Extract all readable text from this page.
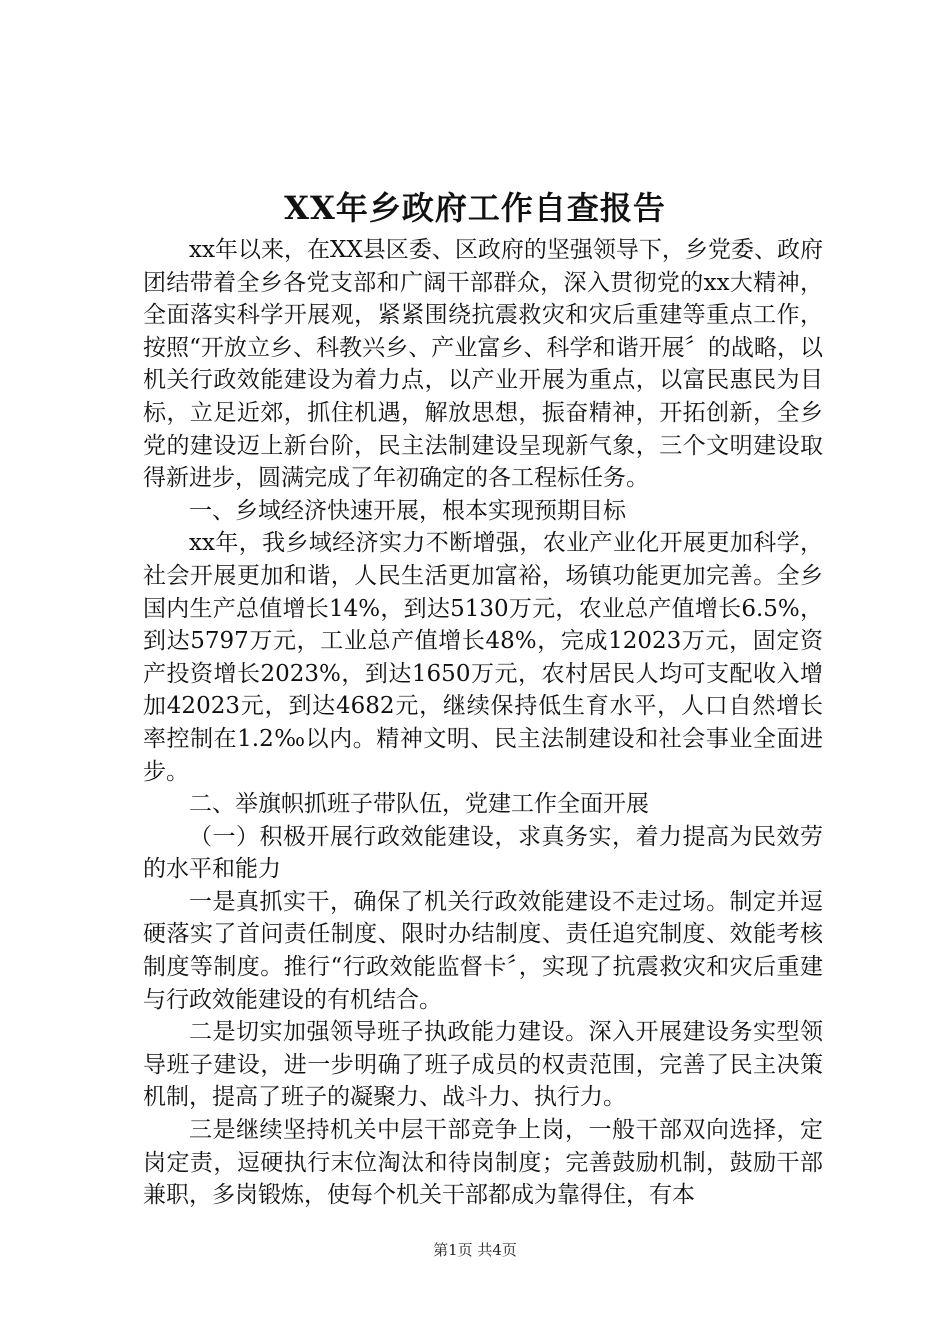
XX年乡政府工作自查报告

xx年以来，在XX县区委、区政府的坚强领导下，乡党委、政府团结带着全乡各党支部和广阔干部群众，深入贯彻党的xx大精神，全面落实科学开展观，紧紧围绕抗震救灾和灾后重建等重点工作，按照“开放立乡、科教兴乡、产业富乡、科学和谐开展〞的战略，以机关行政效能建设为着力点，以产业开展为重点，以富民惠民为目标，立足近郊，抓住机遇，解放思想，振奋精神，开拓创新，全乡党的建设迈上新台阶，民主法制建设呈现新气象，三个文明建设取得新进步，圆满完成了年初确定的各工程标任务。

一、乡域经济快速开展，根本实现预期目标

xx年，我乡域经济实力不断增强，农业产业化开展更加科学，社会开展更加和谐，人民生活更加富裕，场镇功能更加完善。全乡国内生产总值增长14%，到达5130万元，农业总产值增长6.5%，到达5797万元，工业总产值增长48%，完成12023万元，固定资产投资增长2023%，到达1650万元，农村居民人均可支配收入增加42023元，到达4682元，继续保持低生育水平，人口自然增长率控制在1.2‰以内。精神文明、民主法制建设和社会事业全面进步。

二、举旗帜抓班子带队伍，党建工作全面开展

（一）积极开展行政效能建设，求真务实，着力提高为民效劳的水平和能力

一是真抓实干，确保了机关行政效能建设不走过场。制定并逗硬落实了首问责任制度、限时办结制度、责任追究制度、效能考核制度等制度。推行“行政效能监督卡〞，实现了抗震救灾和灾后重建与行政效能建设的有机结合。

二是切实加强领导班子执政能力建设。深入开展建设务实型领导班子建设，进一步明确了班子成员的权责范围，完善了民主决策机制，提高了班子的凝聚力、战斗力、执行力。

三是继续坚持机关中层干部竞争上岗，一般干部双向选择，定岗定责，逗硬执行末位淘汰和待岗制度；完善鼓励机制，鼓励干部兼职，多岗锻炼，使每个机关干部都成为靠得住，有本

第1页 共4页
